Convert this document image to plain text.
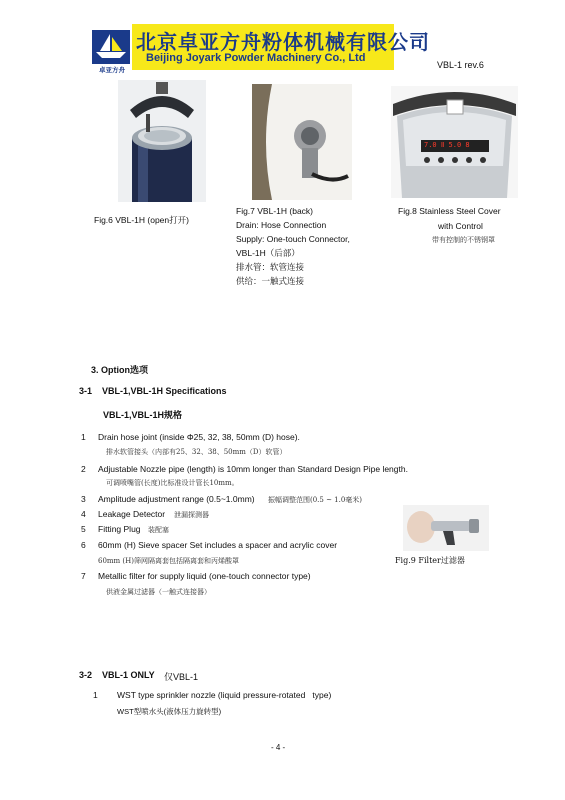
JOYARK
卓亚方舟
北京卓亚方舟粉体机械有限公司
Beijing Joyark Powder Machinery Co., Ltd
VBL-1 rev.6
Fig.6 VBL-1H (open打开)
Fig.7 VBL-1H (back)
Drain: Hose Connection
Supply: One-touch Connector,
VBL-1H（后部）
排水管：软管连接
供给：一触式连接
7.0 Ⅱ 5.0 8
Fig.8 Stainless Steel Cover
with Control
带有控制的不锈钢罩
3. Option选项
3-1    VBL-1,VBL-1H Specifications
VBL-1,VBL-1H规格
1 Drain hose joint (inside Φ25, 32, 38, 50mm (D) hose).
排水软管接头（内部有25、32、38、50mm（D）软管）
2 Adjustable Nozzle pipe (length) is 10mm longer than Standard Design Pipe length.
可调喷嘴管(长度)比标准设计管长10mm。
3 Amplitude adjustment range (0.5~1.0mm) 振幅调整范围(0.5 ~ 1.0毫米)
4 Leakage Detector 泄漏探测器
5 Fitting Plug 装配塞
6 60mm (H) Sieve spacer Set includes a spacer and acrylic cover
60mm (H)筛网隔离套包括隔离套和丙烯酸罩
7 Metallic filter for supply liquid (one-touch connector type)
供液金属过滤器（一触式连接器）
Fig.9 Filter过滤器
3-2    VBL-1 ONLY 仅VBL-1
1 WST type sprinkler nozzle (liquid pressure-rotated   type)
WST型喷水头(液体压力旋转型)
- 4 -
